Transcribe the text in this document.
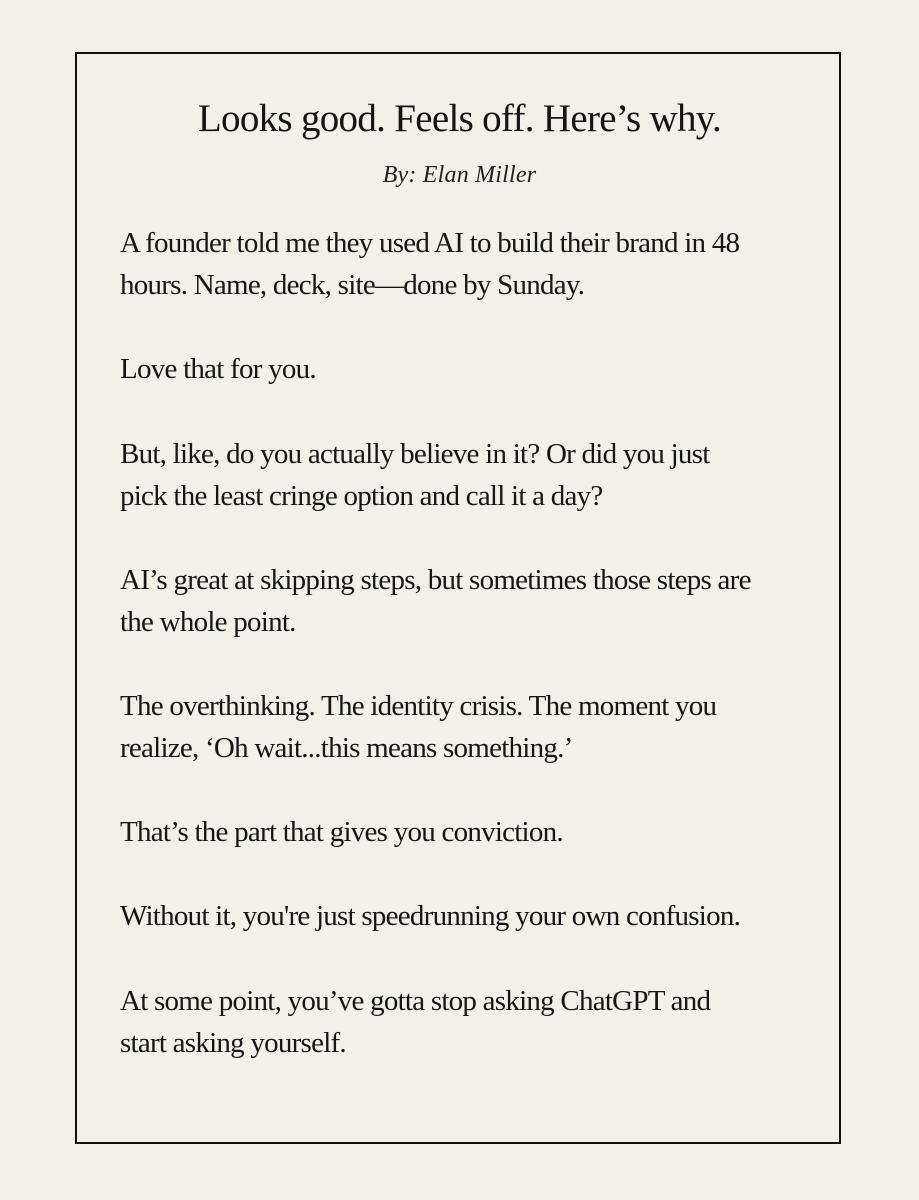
Looks good. Feels off. Here’s why.

By: Elan Miller

A founder told me they used AI to build their brand in 48
hours. Name, deck, site—done by Sunday.

Love that for you.

But, like, do you actually believe in it? Or did you just
pick the least cringe option and call it a day?

AI’s great at skipping steps, but sometimes those steps are
the whole point.

The overthinking. The identity crisis. The moment you
realize, ‘Oh wait...this means something.’

That’s the part that gives you conviction.

Without it, you're just speedrunning your own confusion.

At some point, you’ve gotta stop asking ChatGPT and
start asking yourself.
